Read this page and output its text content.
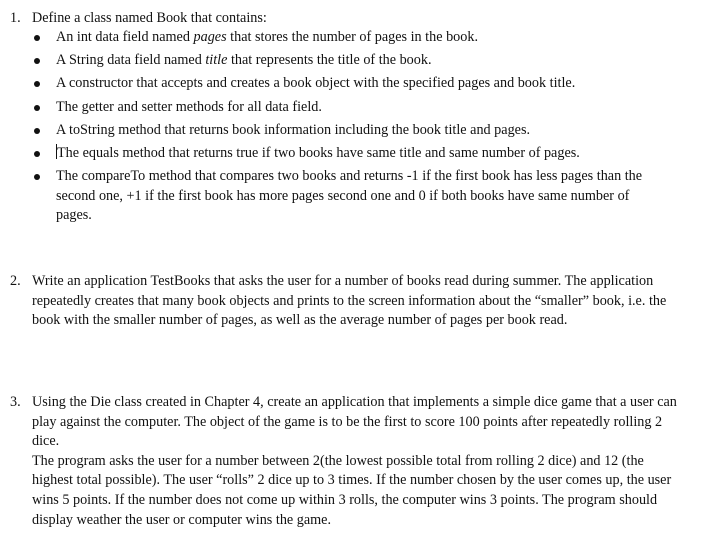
1. Define a class named Book that contains:

An int data field named pages that stores the number of pages in the book.
A String data field named title that represents the title of the book.
A constructor that accepts and creates a book object with the specified pages and book title.
The getter and setter methods for all data field.
A toString method that returns book information including the book title and pages.
The equals method that returns true if two books have same title and same number of pages.
The compareTo method that compares two books and returns -1 if the first book has less pages than the second one, +1 if the first book has more pages second one and 0 if both books have same number of pages.
2. Write an application TestBooks that asks the user for a number of books read during summer. The application repeatedly creates that many book objects and prints to the screen information about the “smaller” book, i.e. the book with the smaller number of pages, as well as the average number of pages per book read.

3. Using the Die class created in Chapter 4, create an application that implements a simple dice game that a user can play against the computer. The object of the game is to be the first to score 100 points after repeatedly rolling 2 dice.

The program asks the user for a number between 2(the lowest possible total from rolling 2 dice) and 12 (the highest total possible). The user “rolls” 2 dice up to 3 times. If the number chosen by the user comes up, the user wins 5 points. If the number does not come up within 3 rolls, the computer wins 3 points. The program should display weather the user or computer wins the game.
